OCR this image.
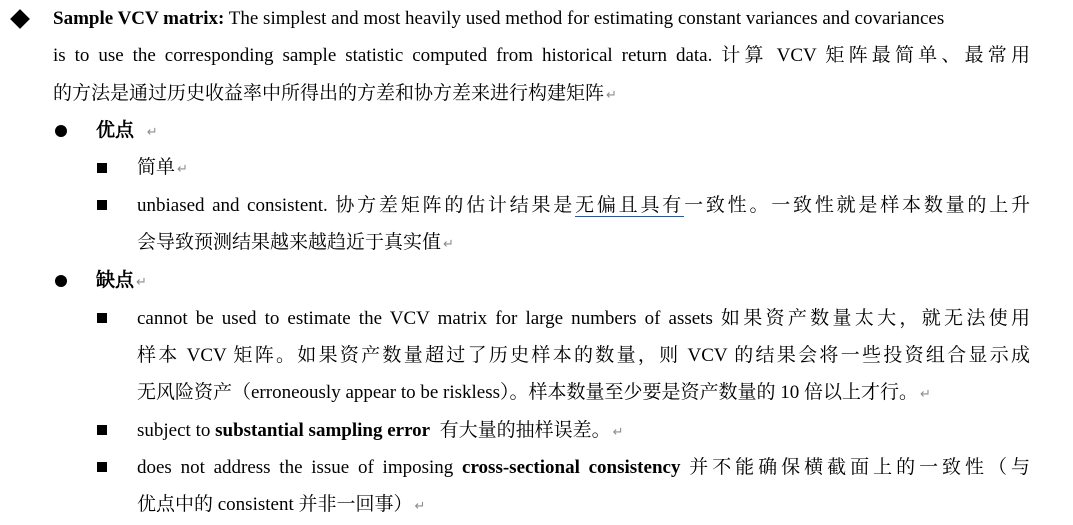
Sample VCV matrix: The simplest and most heavily used method for estimating constant variances and covariances
is to use the corresponding sample statistic computed from historical return data. 计算 VCV 矩阵最简单、最常用
的方法是通过历史收益率中所得出的方差和协方差来进行构建矩阵 ↵
优点 ↵
简单 ↵
unbiased and consistent. 协方差矩阵的估计结果是无偏且具有一致性。一致性就是样本数量的上升
会导致预测结果越来越趋近于真实值 ↵
缺点 ↵
cannot be used to estimate the VCV matrix for large numbers of assets 如果资产数量太大，就无法使用
样本 VCV 矩阵。如果资产数量超过了历史样本的数量，则 VCV 的结果会将一些投资组合显示成
无风险资产（erroneously appear to be riskless）。样本数量至少要是资产数量的 10 倍以上才行。 ↵
subject to substantial sampling error 有大量的抽样误差。 ↵
does not address the issue of imposing cross-sectional consistency 并不能确保横截面上的一致性（与
优点中的 consistent 并非一回事） ↵
